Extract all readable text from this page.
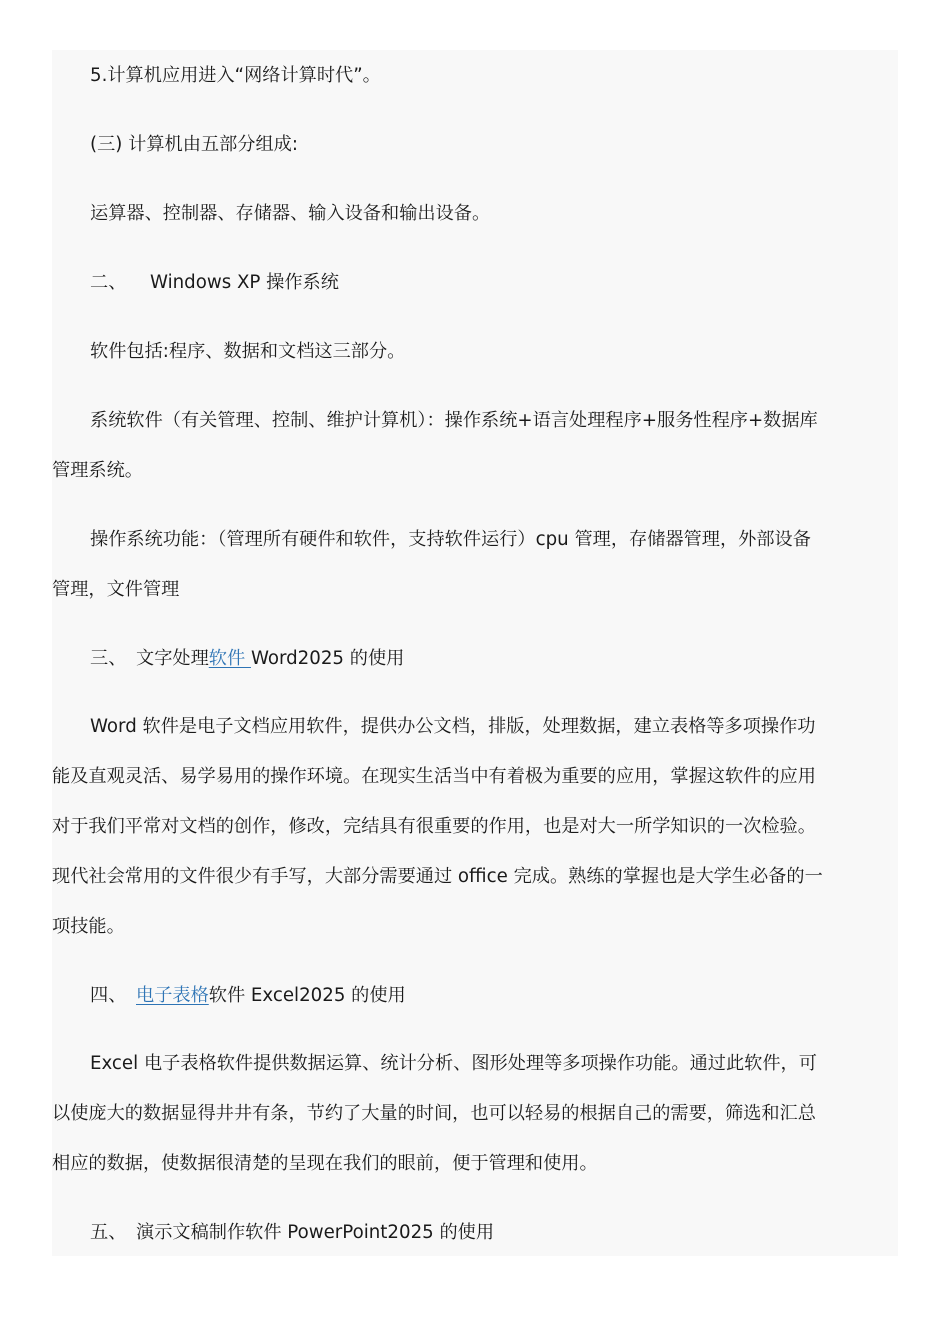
5.计算机应用进入“网络计算时代”。
(三) 计算机由五部分组成:
运算器、控制器、存储器、输入设备和输出设备。
二、 Windows XP 操作系统
软件包括:程序、数据和文档这三部分。
系统软件（有关管理、控制、维护计算机）：操作系统+语言处理程序+服务性程序+数据库
管理系统。
操作系统功能：（管理所有硬件和软件，支持软件运行）cpu 管理，存储器管理，外部设备
管理，文件管理
三、 文字处理软件 Word2025 的使用
Word 软件是电子文档应用软件，提供办公文档，排版，处理数据，建立表格等多项操作功
能及直观灵活、易学易用的操作环境。在现实生活当中有着极为重要的应用，掌握这软件的应用
对于我们平常对文档的创作，修改，完结具有很重要的作用，也是对大一所学知识的一次检验。
现代社会常用的文件很少有手写，大部分需要通过 office 完成。熟练的掌握也是大学生必备的一
项技能。
四、 电子表格软件 Excel2025 的使用
Excel 电子表格软件提供数据运算、统计分析、图形处理等多项操作功能。通过此软件，可
以使庞大的数据显得井井有条，节约了大量的时间，也可以轻易的根据自己的需要，筛选和汇总
相应的数据，使数据很清楚的呈现在我们的眼前，便于管理和使用。
五、 演示文稿制作软件 PowerPoint2025 的使用
